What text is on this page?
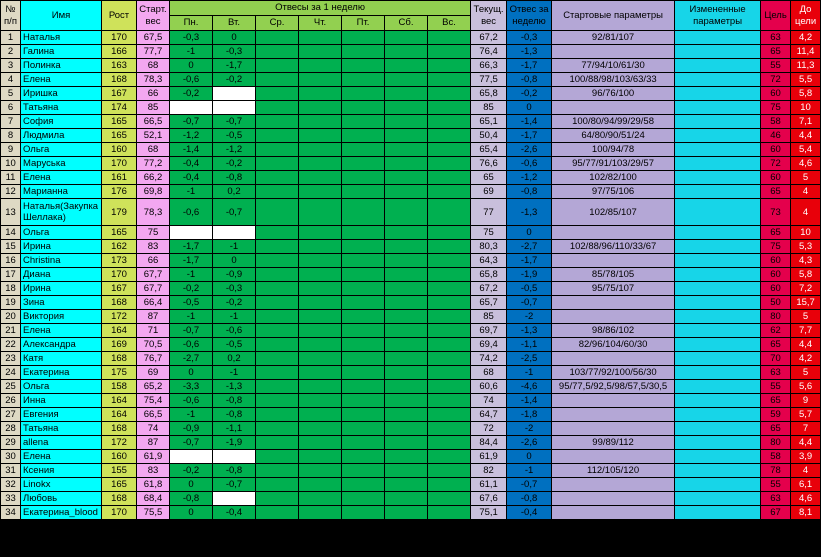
№ п/п	Имя	Рост	Старт. вес	Отвесы за 1 неделю							Текущ. вес	Отвес за неделю	Стартовые параметры	Измененные параметры	Цель	До цели
				Пн.	Вт.	Ср.	Чт.	Пт.	Сб.	Вс.						
1	Наталья	170	67,5	-0,3	0						67,2	-0,3	92/81/107		63	4,2
2	Галина	166	77,7	-1	-0,3						76,4	-1,3			65	11,4
3	Полинка	163	68	0	-1,7						66,3	-1,7	77/94/10/61/30		55	11,3
4	Елена	168	78,3	-0,6	-0,2						77,5	-0,8	100/88/98/103/63/33		72	5,5
5	Иришка	167	66	-0,2							65,8	-0,2	96/76/100		60	5,8
6	Татьяна	174	85								85	0			75	10
7	София	165	66,5	-0,7	-0,7						65,1	-1,4	100/80/94/99/29/58		58	7,1
8	Людмила	165	52,1	-1,2	-0,5						50,4	-1,7	64/80/90/51/24		46	4,4
9	Ольга	160	68	-1,4	-1,2						65,4	-2,6	100/94/78		60	5,4
10	Маруська	170	77,2	-0,4	-0,2						76,6	-0,6	95/77/91/103/29/57		72	4,6
11	Елена	161	66,2	-0,4	-0,8						65	-1,2	102/82/100		60	5
12	Марианна	176	69,8	-1	0,2						69	-0,8	97/75/106		65	4
13	Наталья(Закупка Шеллака)	179	78,3	-0,6	-0,7						77	-1,3	102/85/107		73	4
14	Ольга	165	75								75	0			65	10
15	Ирина	162	83	-1,7	-1						80,3	-2,7	102/88/96/110/33/67		75	5,3
16	Christina	173	66	-1,7	0						64,3	-1,7			60	4,3
17	Диана	170	67,7	-1	-0,9						65,8	-1,9	85/78/105		60	5,8
18	Ирина	167	67,7	-0,2	-0,3						67,2	-0,5	95/75/107		60	7,2
19	Зина	168	66,4	-0,5	-0,2						65,7	-0,7			50	15,7
20	Виктория	172	87	-1	-1						85	-2			80	5
21	Елена	164	71	-0,7	-0,6						69,7	-1,3	98/86/102		62	7,7
22	Александра	169	70,5	-0,6	-0,5						69,4	-1,1	82/96/104/60/30		65	4,4
23	Катя	168	76,7	-2,7	0,2						74,2	-2,5			70	4,2
24	Екатерина	175	69	0	-1						68	-1	103/77/92/100/56/30		63	5
25	Ольга	158	65,2	-3,3	-1,3						60,6	-4,6	95/77,5/92,5/98/57,5/30,5		55	5,6
26	Инна	164	75,4	-0,6	-0,8						74	-1,4			65	9
27	Евгения	164	66,5	-1	-0,8						64,7	-1,8			59	5,7
28	Татьяна	168	74	-0,9	-1,1						72	-2			65	7
29	allena	172	87	-0,7	-1,9						84,4	-2,6	99/89/112		80	4,4
30	Елена	160	61,9								61,9	0			58	3,9
31	Ксения	155	83	-0,2	-0,8						82	-1	112/105/120		78	4
32	Linokx	165	61,8	0	-0,7						61,1	-0,7			55	6,1
33	Любовь	168	68,4	-0,8							67,6	-0,8			63	4,6
34	Екатерина_blood	170	75,5	0	-0,4						75,1	-0,4			67	8,1
